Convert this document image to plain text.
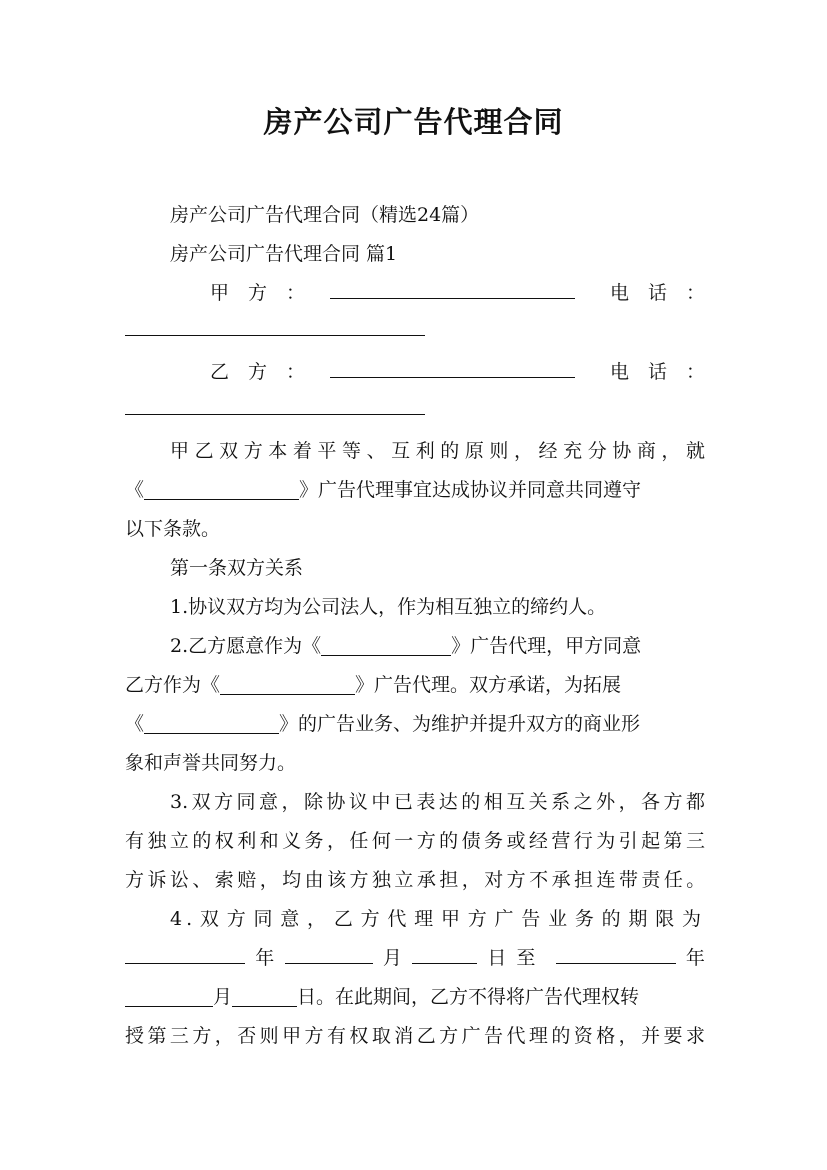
房产公司广告代理合同

房产公司广告代理合同（精选24篇）

房产公司广告代理合同 篇1

甲　方　：	电　话　：

乙　方　：	电　话　：

甲乙双方本着平等、互利的原则，经充分协商，就

《	》广告代理事宜达成协议并同意共同遵守

以下条款。

第一条双方关系

1.协议双方均为公司法人，作为相互独立的缔约人。

2.乙方愿意作为《	》广告代理，甲方同意

乙方作为《	》广告代理。双方承诺，为拓展

《	》的广告业务、为维护并提升双方的商业形

象和声誉共同努力。

3.双方同意，除协议中已表达的相互关系之外，各方都

有独立的权利和义务，任何一方的债务或经营行为引起第三

方诉讼、索赔，均由该方独立承担，对方不承担连带责任。

4.双方同意，乙方代理甲方广告业务的期限为

年	月	日至	年

月	日。在此期间，乙方不得将广告代理权转

授第三方，否则甲方有权取消乙方广告代理的资格，并要求
